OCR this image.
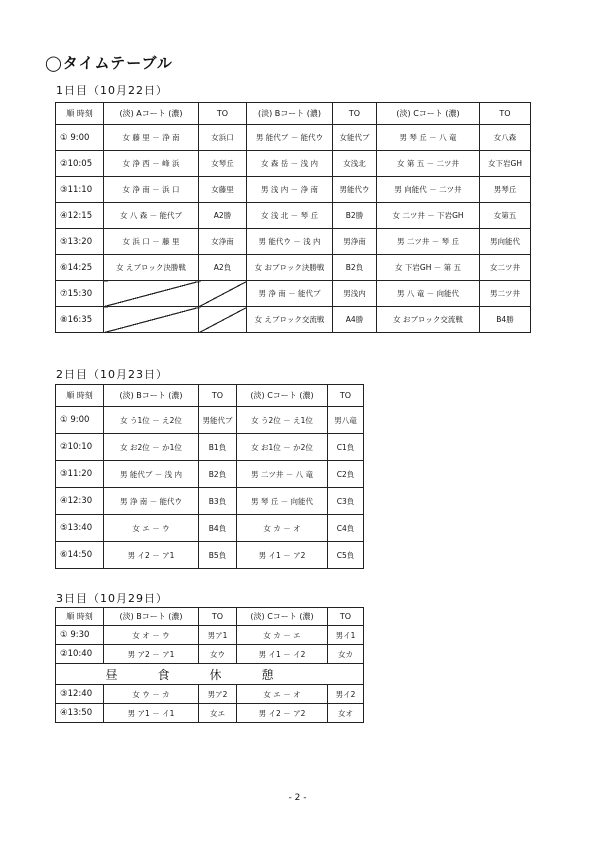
◯タイムテーブル
1日目（10月22日）
順 時刻	(淡) Aコート (濃)	TO	(淡) Bコート (濃)	TO	(淡) Cコート (濃)	TO
① 9:00	女 藤 里 － 浄 南	女浜口	男 能代ブ － 能代ウ	女能代ブ	男 琴 丘 － 八 竜	女八森
②10:05	女 浄 西 － 峰 浜	女琴丘	女 森 岳 － 浅 内	女浅北	女 第 五 － 二ツ井	女下岩GH
③11:10	女 浄 南 － 浜 口	女藤里	男 浅 内 － 浄 南	男能代ウ	男 向能代 － 二ツ井	男琴丘
④12:15	女 八 森 － 能代ブ	A2勝	女 浅 北 － 琴 丘	B2勝	女 二ツ井 － 下岩GH	女第五
⑤13:20	女 浜 口 － 藤 里	女浄南	男 能代ウ － 浅 内	男浄南	男 二ツ井 － 琴 丘	男向能代
⑥14:25	女 えブロック決勝戦	A2負	女 おブロック決勝戦	B2負	女 下岩GH － 第 五	女二ツ井
⑦15:30			男 浄 南 － 能代ブ	男浅内	男 八 竜 － 向能代	男二ツ井
⑧16:35			女 えブロック交流戦	A4勝	女 おブロック交流戦	B4勝
2日目（10月23日）
順 時刻	(淡) Bコート (濃)	TO	(淡) Cコート (濃)	TO
① 9:00	女 う1位 － え2位	男能代ブ	女 う2位 － え1位	男八竜
②10:10	女 お2位 － か1位	B1負	女 お1位 － か2位	C1負
③11:20	男 能代ブ － 浅 内	B2負	男 二ツ井 － 八 竜	C2負
④12:30	男 浄 南 － 能代ウ	B3負	男 琴 丘 － 向能代	C3負
⑤13:40	女 エ － ウ	B4負	女 カ － オ	C4負
⑥14:50	男 イ2 － ア1	B5負	男 イ1 － ア2	C5負
3日目（10月29日）
順 時刻	(淡) Bコート (濃)	TO	(淡) Cコート (濃)	TO
① 9:30	女 オ － ウ	男ア1	女 カ － エ	男イ1
②10:40	男 ア2 － ア1	女ウ	男 イ1 － イ2	女カ
昼食休憩				
③12:40	女 ウ － カ	男ア2	女 エ － オ	男イ2
④13:50	男 ア1 － イ1	女エ	男 イ2 － ア2	女オ
- 2 -
